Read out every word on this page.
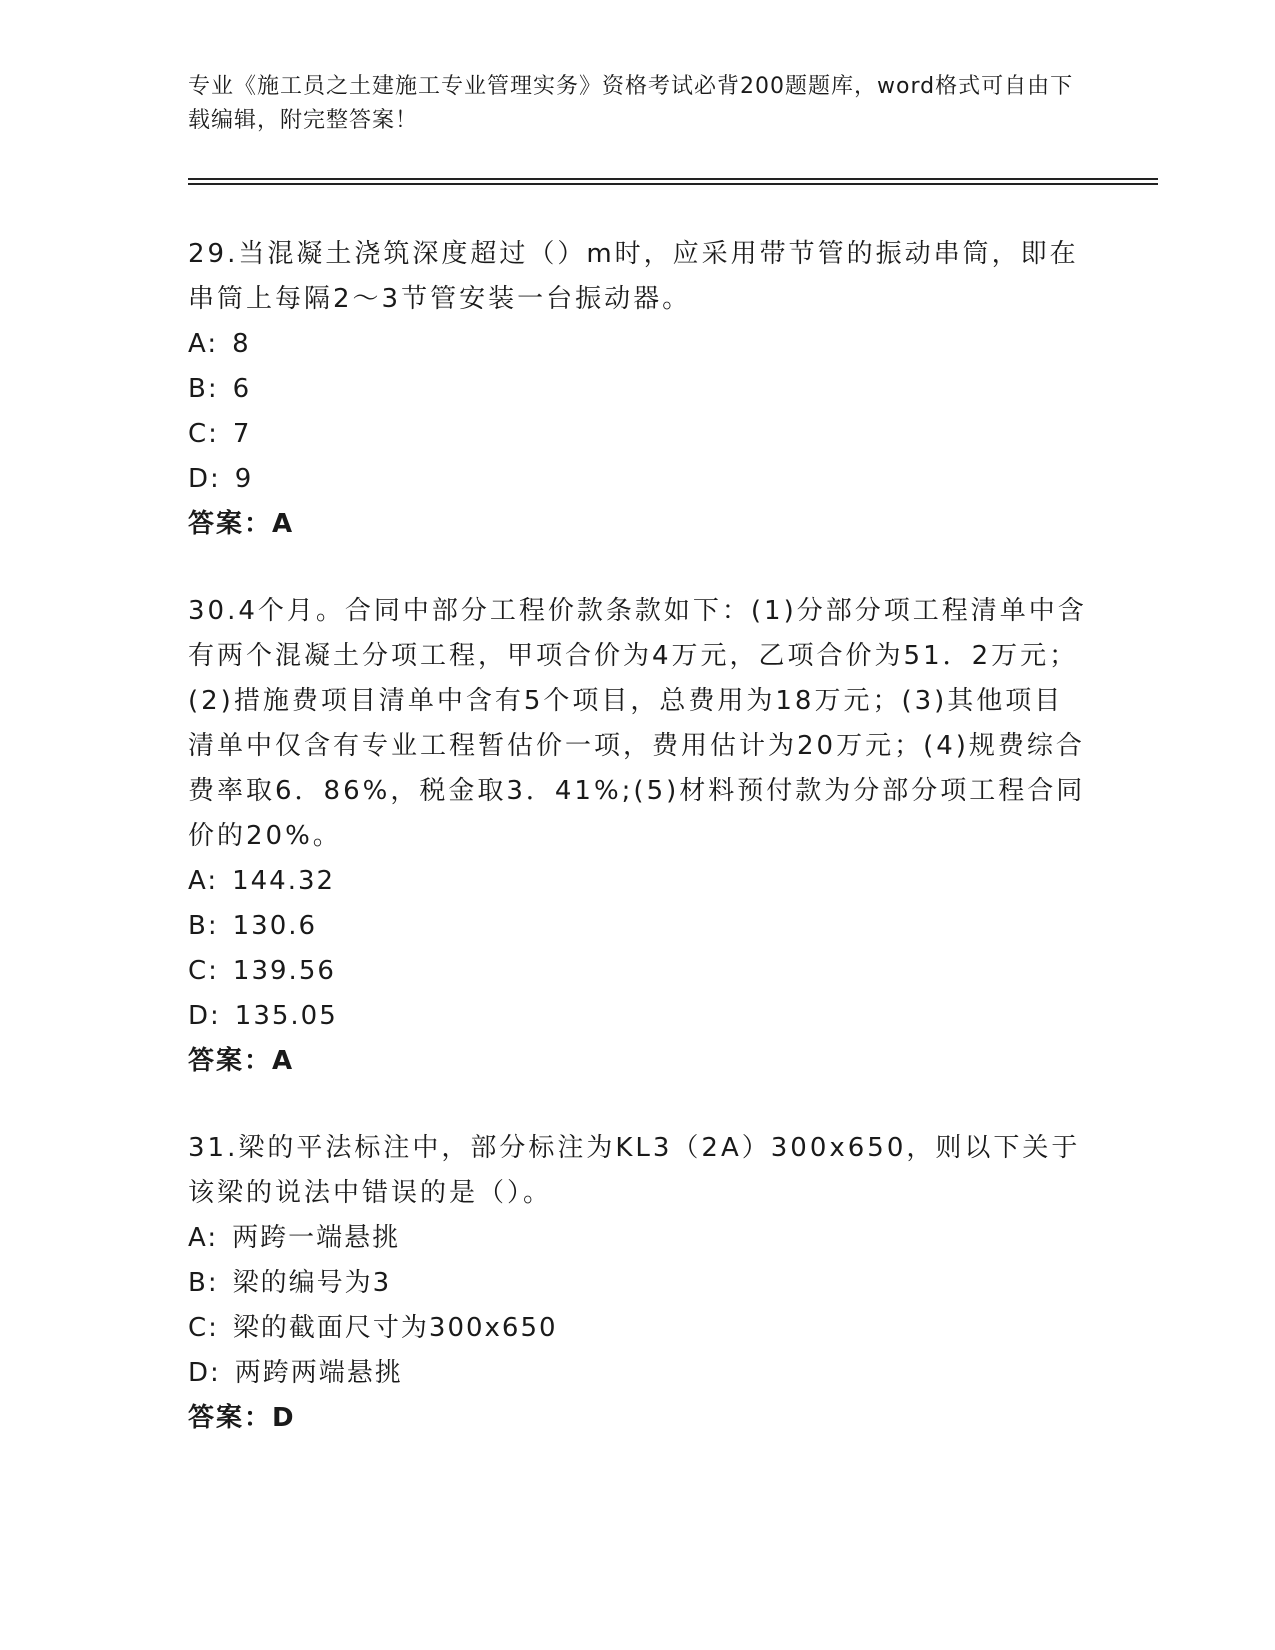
专业《施工员之土建施工专业管理实务》资格考试必背200题题库，word格式可自由下载编辑，附完整答案！

29.当混凝土浇筑深度超过（）m时，应采用带节管的振动串筒，即在串筒上每隔2～3节管安装一台振动器。

A: 8

B: 6

C: 7

D: 9

答案：A

30.4个月。合同中部分工程价款条款如下：(1)分部分项工程清单中含有两个混凝土分项工程，甲项合价为4万元，乙项合价为51．2万元；(2)措施费项目清单中含有5个项目，总费用为18万元；(3)其他项目清单中仅含有专业工程暂估价一项，费用估计为20万元；(4)规费综合费率取6．86%，税金取3．41%;(5)材料预付款为分部分项工程合同价的20%。

A: 144.32

B: 130.6

C: 139.56

D: 135.05

答案：A

31.梁的平法标注中，部分标注为KL3（2A）300x650，则以下关于该梁的说法中错误的是（）。

A: 两跨一端悬挑

B: 梁的编号为3

C: 梁的截面尺寸为300x650

D: 两跨两端悬挑

答案：D
